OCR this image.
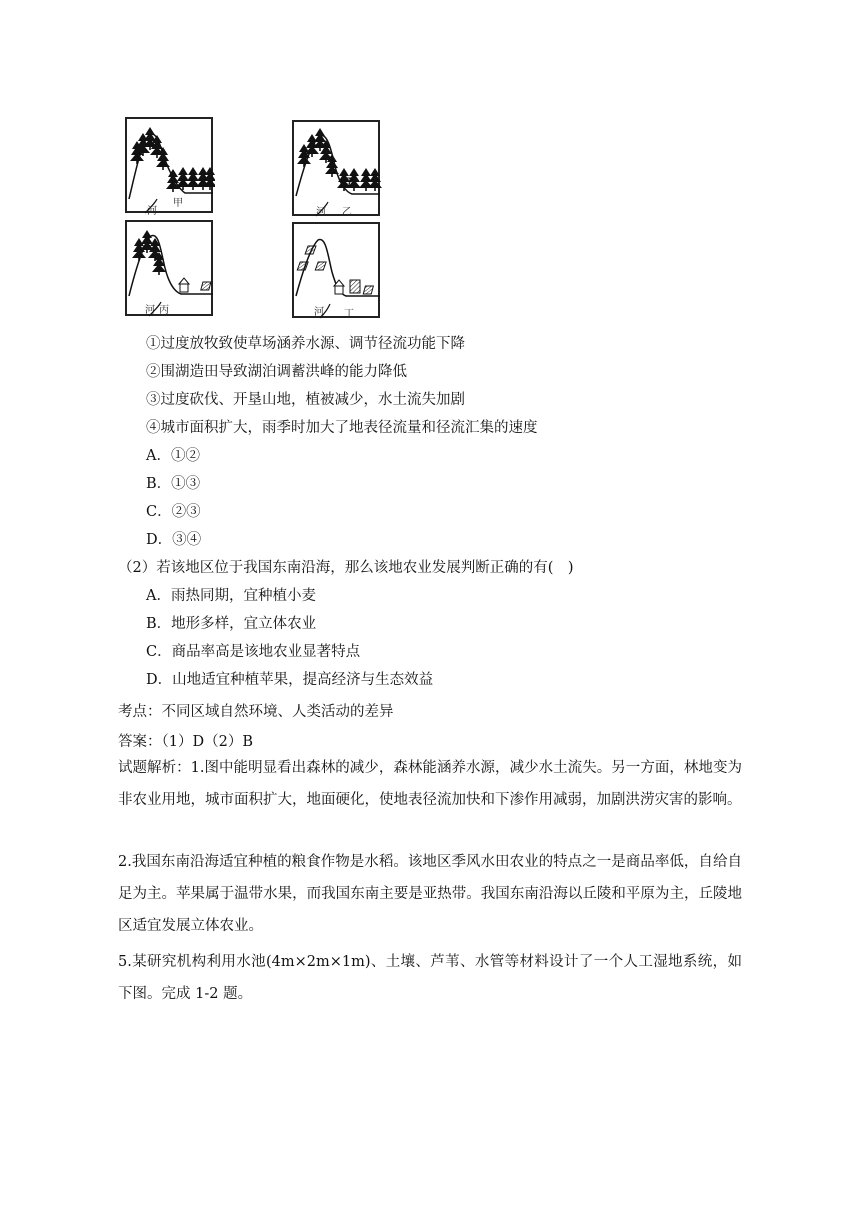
河
甲
河 乙
河 丙	河 丁
①过度放牧致使草场涵养水源、调节径流功能下降
②围湖造田导致湖泊调蓄洪峰的能力降低
③过度砍伐、开垦山地，植被减少，水土流失加剧
④城市面积扩大，雨季时加大了地表径流量和径流汇集的速度
A．①②
B．①③
C．②③
D．③④
（2）若该地区位于我国东南沿海，那么该地农业发展判断正确的有(　)
A．雨热同期，宜种植小麦
B．地形多样，宜立体农业
C．商品率高是该地农业显著特点
D．山地适宜种植苹果，提高经济与生态效益
考点：不同区域自然环境、人类活动的差异
答案：（1）D（2）B
试题解析：1.图中能明显看出森林的减少，森林能涵养水源，减少水土流失。另一方面，林地变为非农业用地，城市面积扩大，地面硬化，使地表径流加快和下渗作用减弱，加剧洪涝灾害的影响。
2.我国东南沿海适宜种植的粮食作物是水稻。该地区季风水田农业的特点之一是商品率低，自给自足为主。苹果属于温带水果，而我国东南主要是亚热带。我国东南沿海以丘陵和平原为主，丘陵地区适宜发展立体农业。
5.某研究机构利用水池(4m×2m×1m)、土壤、芦苇、水管等材料设计了一个人工湿地系统，如下图。完成 1-2 题。
